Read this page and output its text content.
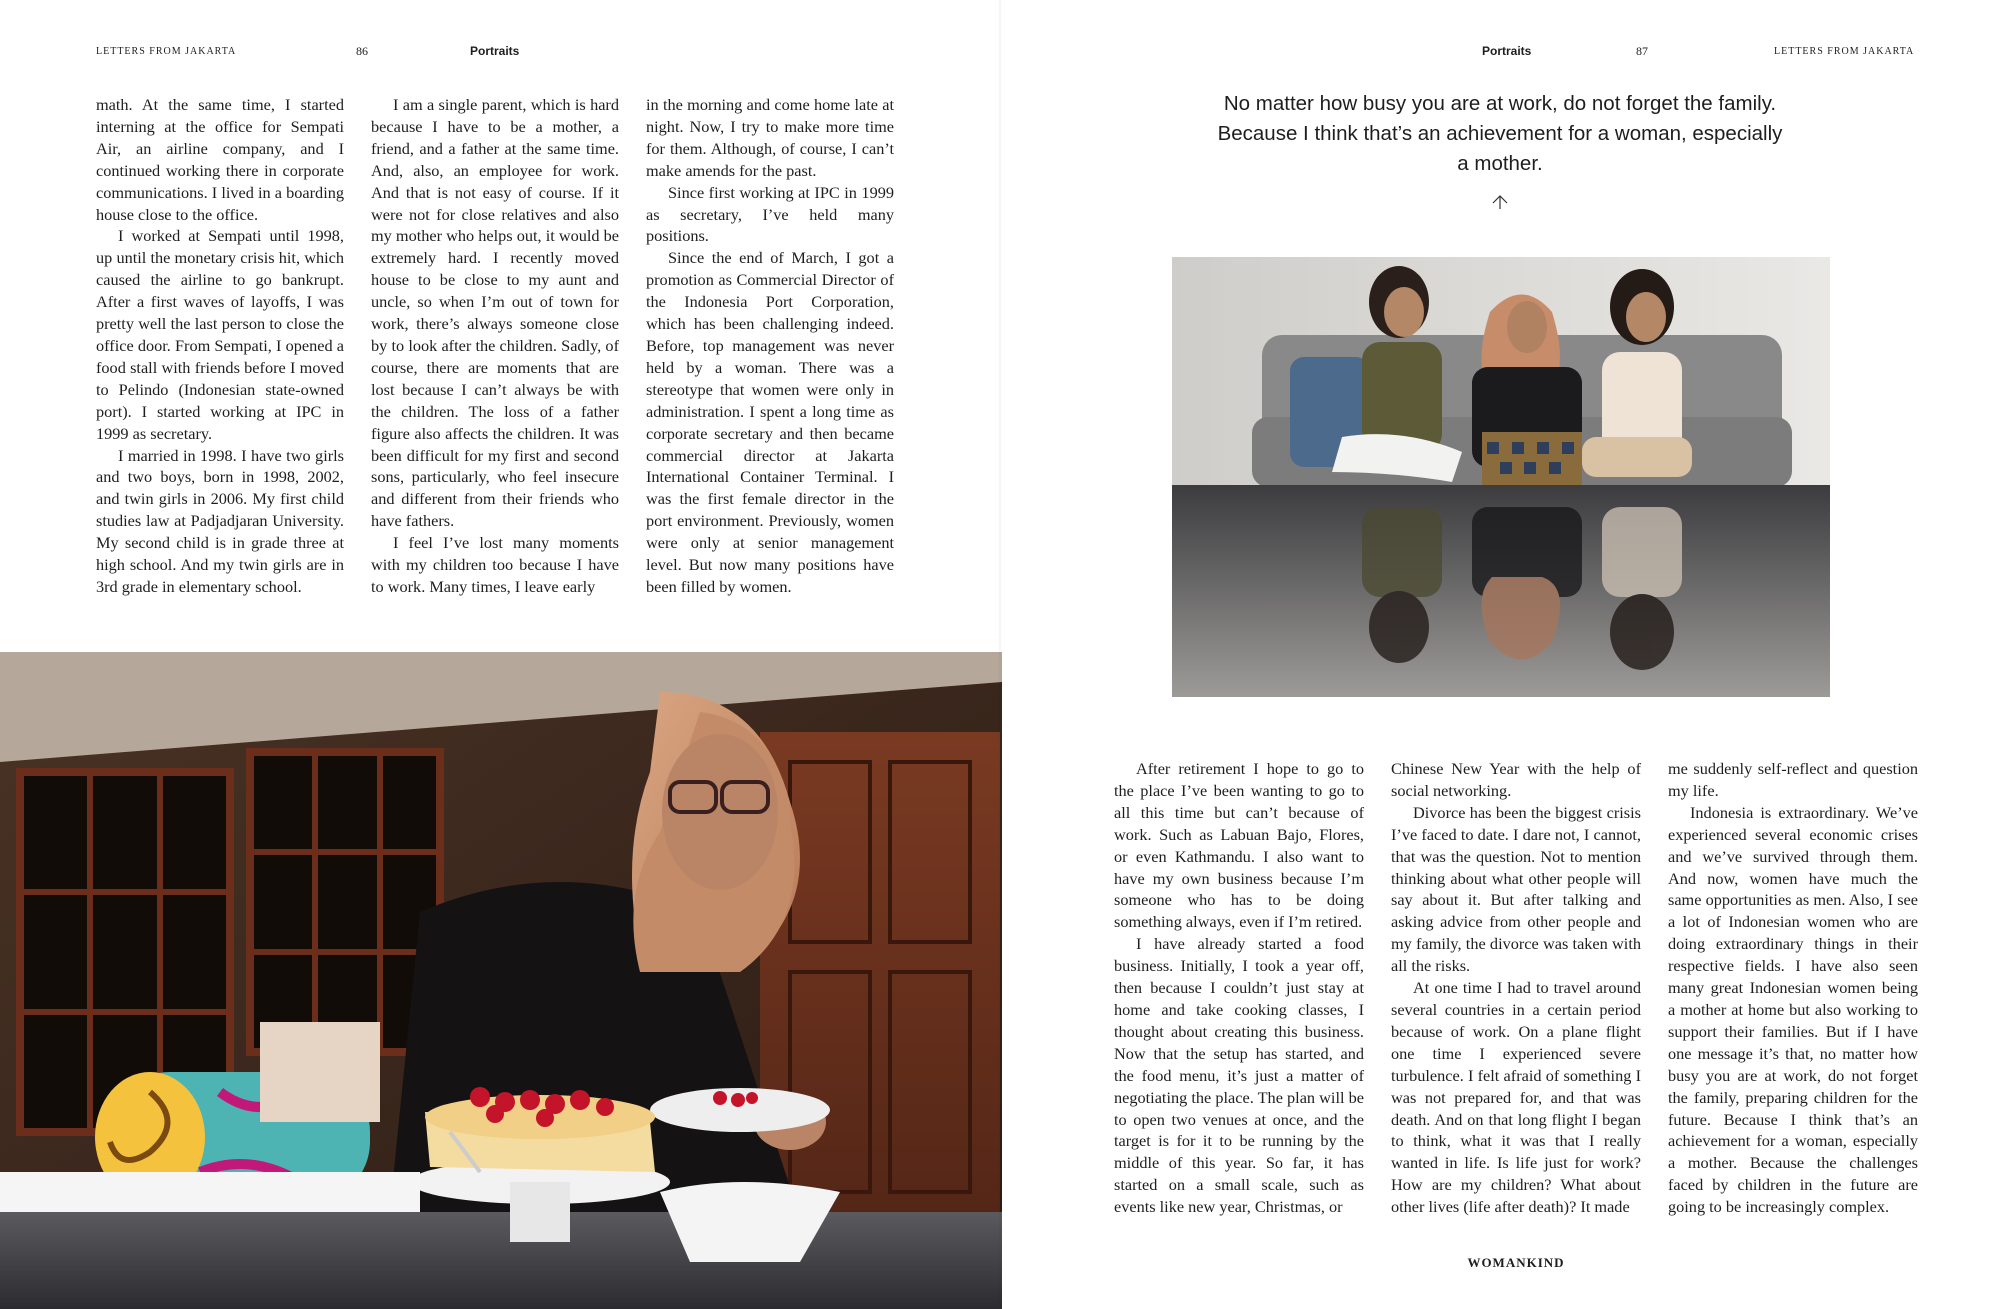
LETTERS FROM JAKARTA	86	Portraits

math. At the same time, I started interning at the office for Sempati Air, an airline company, and I continued working there in corporate communications. I lived in a boarding house close to the office.

I worked at Sempati until 1998, up until the monetary crisis hit, which caused the airline to go bankrupt. After a first waves of layoffs, I was pretty well the last person to close the office door. From Sempati, I opened a food stall with friends before I moved to Pelindo (Indonesian state-owned port). I started working at IPC in 1999 as secretary.

I married in 1998. I have two girls and two boys, born in 1998, 2002, and twin girls in 2006. My first child studies law at Padjadjaran University. My second child is in grade three at high school. And my twin girls are in 3rd grade in elementary school.

I am a single parent, which is hard because I have to be a mother, a friend, and a father at the same time. And, also, an employee for work. And that is not easy of course. If it were not for close relatives and also my mother who helps out, it would be extremely hard. I recently moved house to be close to my aunt and uncle, so when I’m out of town for work, there’s always someone close by to look after the children. Sadly, of course, there are moments that are lost because I can’t always be with the children. The loss of a father figure also affects the children. It was been difficult for my first and second sons, particularly, who feel insecure and different from their friends who have fathers.

I feel I’ve lost many moments with my children too because I have to work. Many times, I leave early

in the morning and come home late at night. Now, I try to make more time for them. Although, of course, I can’t make amends for the past.

Since first working at IPC in 1999 as secretary, I’ve held many positions.

Since the end of March, I got a promotion as Commercial Director of the Indonesia Port Corporation, which has been challenging indeed. Before, top management was never held by a woman. There was a stereotype that women were only in administration. I spent a long time as corporate secretary and then became commercial director at Jakarta International Container Terminal. I was the first female director in the port environment. Previously, women were only at senior management level. But now many positions have been filled by women.

Portraits	87	LETTERS FROM JAKARTA
No matter how busy you are at work, do not forget the family. Because I think that’s an achievement for a woman, especially a mother.

After retirement I hope to go to the place I’ve been wanting to go to all this time but can’t because of work. Such as Labuan Bajo, Flores, or even Kathmandu. I also want to have my own business because I’m someone who has to be doing something always, even if I’m retired.

I have already started a food business. Initially, I took a year off, then because I couldn’t just stay at home and take cooking classes, I thought about creating this business. Now that the setup has started, and the food menu, it’s just a matter of negotiating the place. The plan will be to open two venues at once, and the target is for it to be running by the middle of this year. So far, it has started on a small scale, such as events like new year, Christmas, or

Chinese New Year with the help of social networking.

Divorce has been the biggest crisis I’ve faced to date. I dare not, I cannot, that was the question. Not to mention thinking about what other people will say about it. But after talking and asking advice from other people and my family, the divorce was taken with all the risks.

At one time I had to travel around several countries in a certain period because of work. On a plane flight one time I experienced severe turbulence. I felt afraid of something I was not prepared for, and that was death. And on that long flight I began to think, what it was that I really wanted in life. Is life just for work? How are my children? What about other lives (life after death)? It made

me suddenly self-reflect and question my life.

Indonesia is extraordinary. We’ve experienced several economic crises and we’ve survived through them. And now, women have much the same opportunities as men. Also, I see a lot of Indonesian women who are doing extraordinary things in their respective fields. I have also seen many great Indonesian women being a mother at home but also working to support their families. But if I have one message it’s that, no matter how busy you are at work, do not forget the family, preparing children for the future. Because I think that’s an achievement for a woman, especially a mother. Because the challenges faced by children in the future are going to be increasingly complex.

WOMANKIND
